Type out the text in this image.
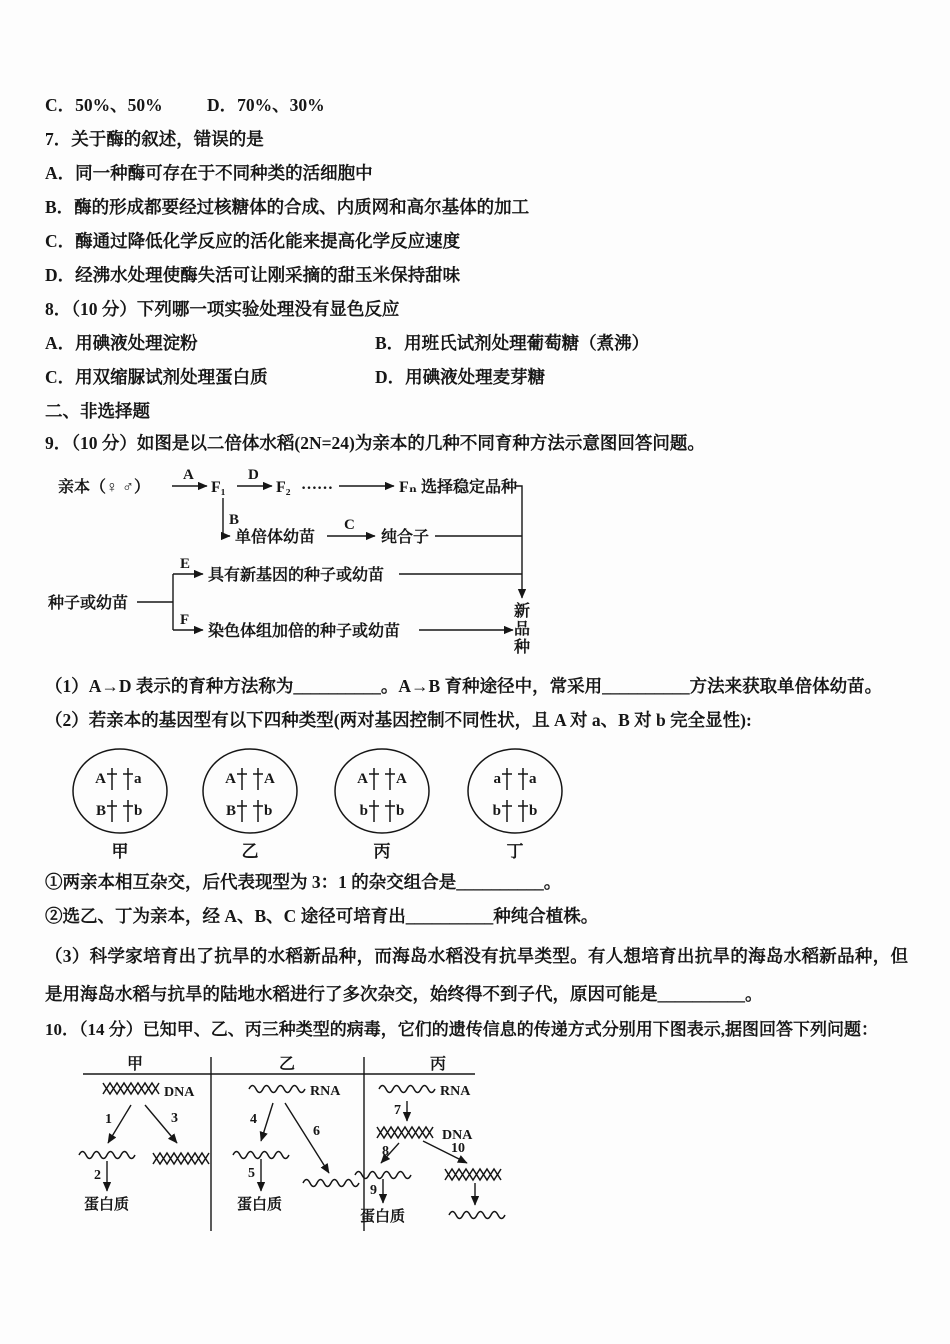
C．50%、50%	D．70%、30%
7．关于酶的叙述，错误的是
A．同一种酶可存在于不同种类的活细胞中
B．酶的形成都要经过核糖体的合成、内质网和高尔基体的加工
C．酶通过降低化学反应的活化能来提高化学反应速度
D．经沸水处理使酶失活可让刚采摘的甜玉米保持甜味
8．（10 分）下列哪一项实验处理没有显色反应
A．用碘液处理淀粉	B．用班氏试剂处理葡萄糖（煮沸）
C．用双缩脲试剂处理蛋白质	D．用碘液处理麦芽糖
二、非选择题
9．（10 分）如图是以二倍体水稻(2N=24)为亲本的几种不同育种方法示意图回答问题。
亲本（♀ ♂）
A
F₁
D
F₂ ……	Fₙ 选择稳定品种
B
单倍体幼苗
C
纯合子
种子或幼苗
E
具有新基因的种子或幼苗
F
染色体组加倍的种子或幼苗
新
品
种
（1）A→D 表示的育种方法称为__________。A→B 育种途径中，常采用__________方法来获取单倍体幼苗。
（2）若亲本的基因型有以下四种类型(两对基因控制不同性状，且 A 对 a、B 对 b 完全显性):
A a
B b
甲
A A
B b
乙
A A
b b
丙
a a
b b
丁
①两亲本相互杂交，后代表现型为 3：1 的杂交组合是__________。
②选乙、丁为亲本，经 A、B、C 途径可培育出__________种纯合植株。
（3）科学家培育出了抗旱的水稻新品种，而海岛水稻没有抗旱类型。有人想培育出抗旱的海岛水稻新品种，但是用海岛水稻与抗旱的陆地水稻进行了多次杂交，始终得不到子代，原因可能是__________。
10．（14 分）已知甲、乙、丙三种类型的病毒，它们的遗传信息的传递方式分别用下图表示,据图回答下列问题：
甲	乙	丙
DNA
1	3
2
蛋白质
RNA
4
6
5
蛋白质
RNA
7
DNA
8	10
9
蛋白质
